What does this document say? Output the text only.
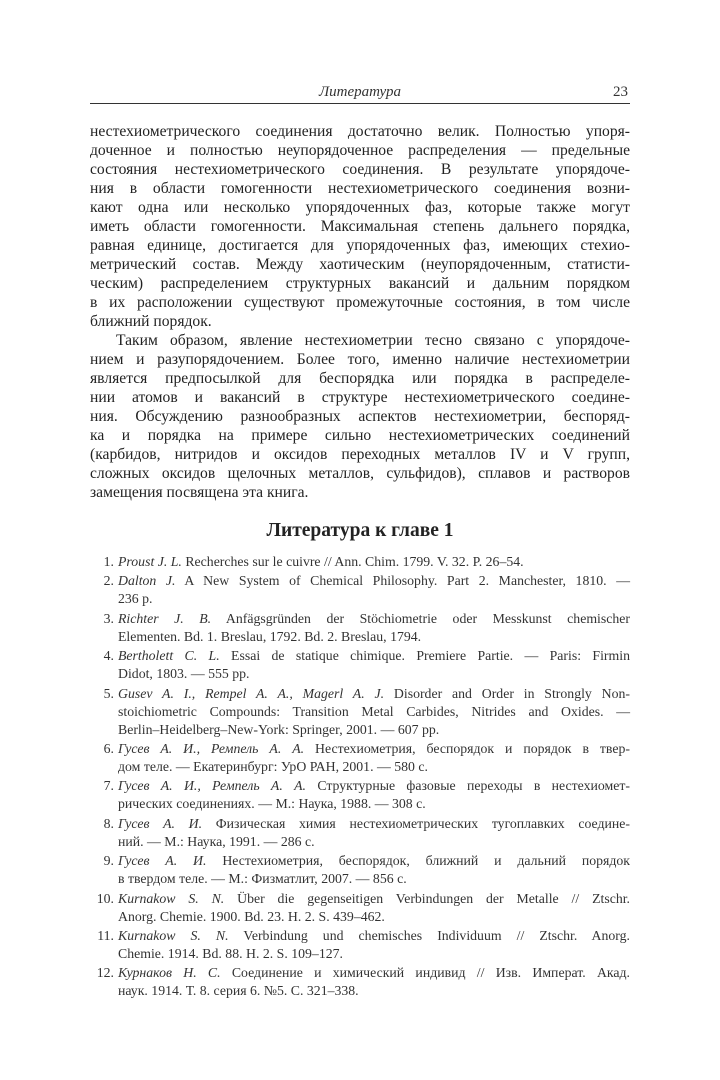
Литература	23
нестехиометрического соединения достаточно велик. Полностью упоря-
доченное и полностью неупорядоченное распределения — предельные
состояния нестехиометрического соединения. В результате упорядоче-
ния в области гомогенности нестехиометрического соединения возни-
кают одна или несколько упорядоченных фаз, которые также могут
иметь области гомогенности. Максимальная степень дальнего порядка,
равная единице, достигается для упорядоченных фаз, имеющих стехио-
метрический состав. Между хаотическим (неупорядоченным, статисти-
ческим) распределением структурных вакансий и дальним порядком
в их расположении существуют промежуточные состояния, в том числе
ближний порядок.
Таким образом, явление нестехиометрии тесно связано с упорядоче-
нием и разупорядочением. Более того, именно наличие нестехиометрии
является предпосылкой для беспорядка или порядка в распределе-
нии атомов и вакансий в структуре нестехиометрического соедине-
ния. Обсуждению разнообразных аспектов нестехиометрии, беспоряд-
ка и порядка на примере сильно нестехиометрических соединений
(карбидов, нитридов и оксидов переходных металлов IV и V групп,
сложных оксидов щелочных металлов, сульфидов), сплавов и растворов
замещения посвящена эта книга.
Литература к главе 1
1. Proust J. L. Recherches sur le cuivre // Ann. Chim. 1799. V. 32. P. 26–54.
2. Dalton J. A New System of Chemical Philosophy. Part 2. Manchester, 1810. —
236 p.
3. Richter J. B. Anfägsgründen der Stöchiometrie oder Messkunst chemischer
Elementen. Bd. 1. Breslau, 1792. Bd. 2. Breslau, 1794.
4. Bertholett C. L. Essai de statique chimique. Premiere Partie. — Paris: Firmin
Didot, 1803. — 555 pp.
5. Gusev A. I., Rempel A. A., Magerl A. J. Disorder and Order in Strongly Non-
stoichiometric Compounds: Transition Metal Carbides, Nitrides and Oxides. —
Berlin–Heidelberg–New-York: Springer, 2001. — 607 pp.
6. Гусев А. И., Ремпель А. А. Нестехиометрия, беспорядок и порядок в твер-
дом теле. — Екатеринбург: УрО РАН, 2001. — 580 с.
7. Гусев А. И., Ремпель А. А. Структурные фазовые переходы в нестехиомет-
рических соединениях. — М.: Наука, 1988. — 308 с.
8. Гусев А. И. Физическая химия нестехиометрических тугоплавких соедине-
ний. — М.: Наука, 1991. — 286 с.
9. Гусев А. И. Нестехиометрия, беспорядок, ближний и дальний порядок
в твердом теле. — М.: Физматлит, 2007. — 856 с.
10. Kurnakow S. N. Über die gegenseitigen Verbindungen der Metalle // Ztschr.
Anorg. Chemie. 1900. Bd. 23. H. 2. S. 439–462.
11. Kurnakow S. N. Verbindung und chemisches Individuum // Ztschr. Anorg.
Chemie. 1914. Bd. 88. H. 2. S. 109–127.
12. Курнаков Н. С. Соединение и химический индивид // Изв. Императ. Акад.
наук. 1914. Т. 8. серия 6. №5. С. 321–338.
